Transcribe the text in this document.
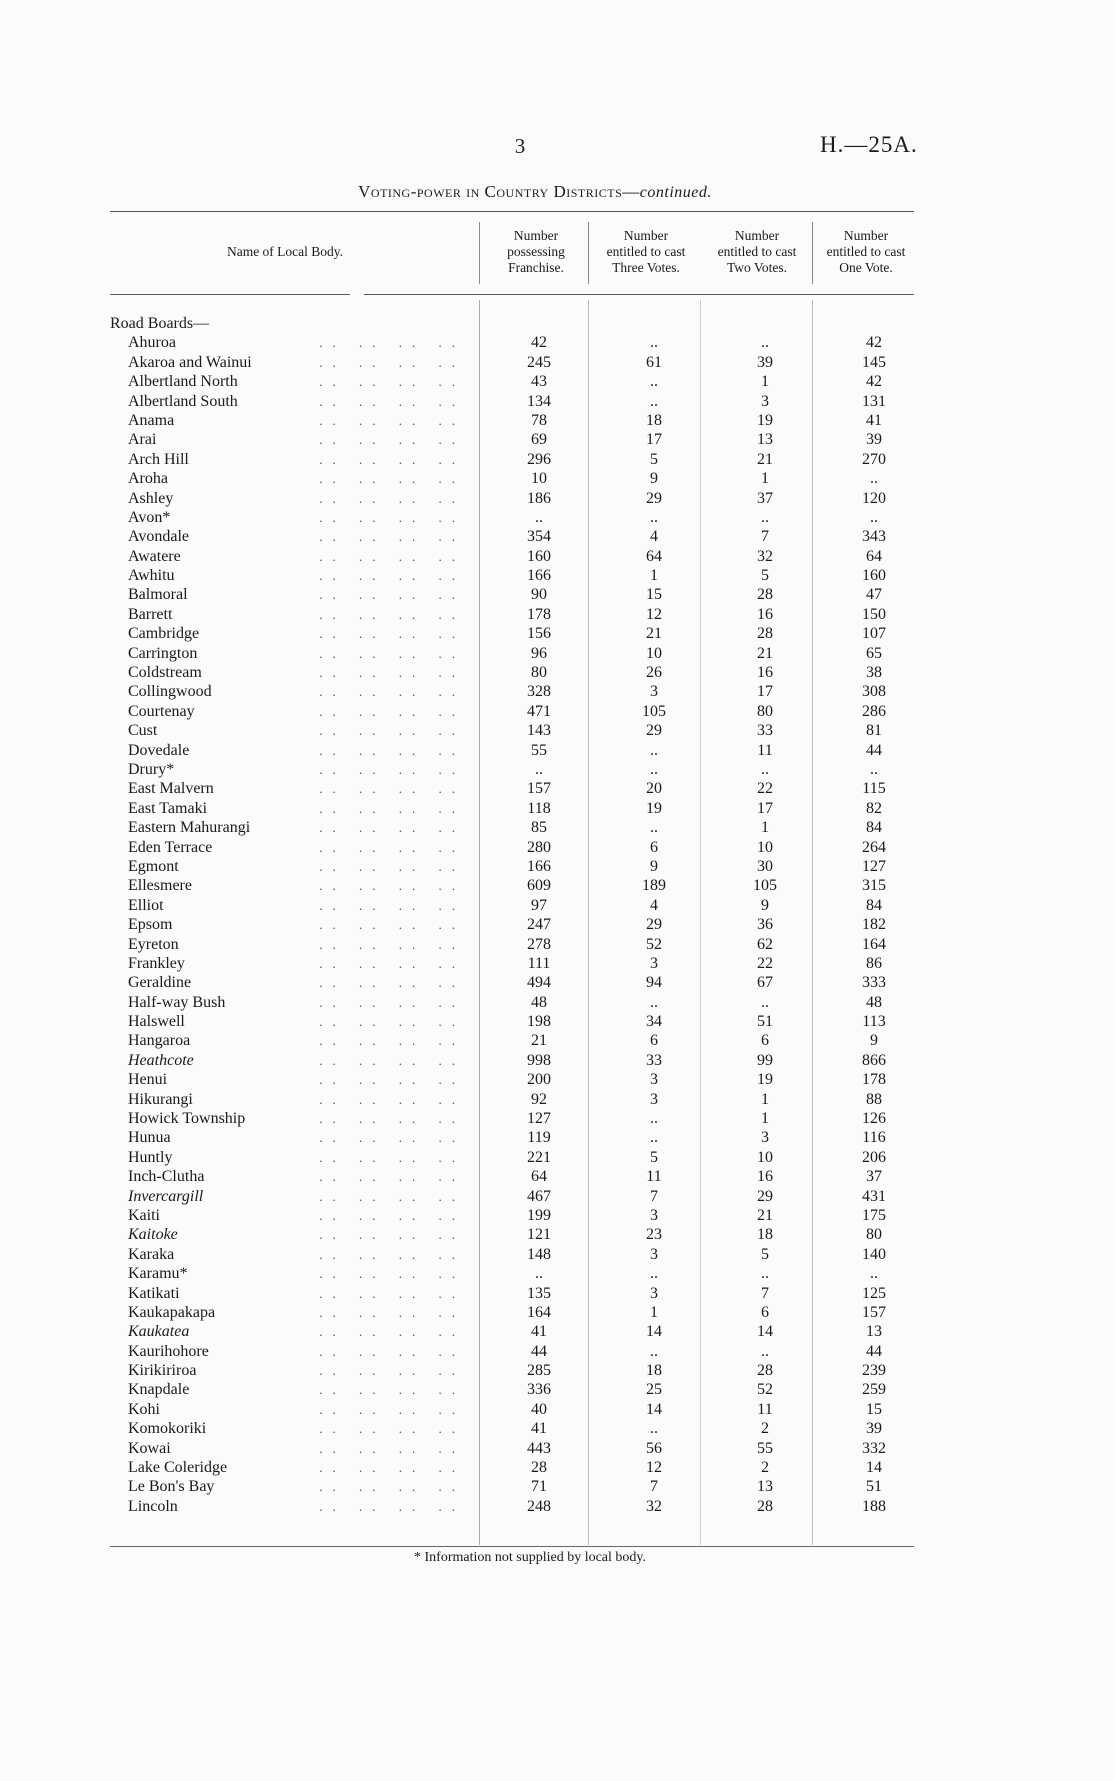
3	H.—25A.
Voting-power in Country Districts—continued.
Name of Local Body.
Number
possessing
Franchise.
Number
entitled to cast
Three Votes.
Number
entitled to cast
Two Votes.
Number
entitled to cast
One Vote.
Road Boards—
Ahuroa	.. .. .. ..	42	..	..	42
Akaroa and Wainui	.. .. .. ..	245	61	39	145
Albertland North	.. .. .. ..	43	..	1	42
Albertland South	.. .. .. ..	134	..	3	131
Anama	.. .. .. ..	78	18	19	41
Arai	.. .. .. ..	69	17	13	39
Arch Hill	.. .. .. ..	296	5	21	270
Aroha	.. .. .. ..	10	9	1	..
Ashley	.. .. .. ..	186	29	37	120
Avon*	.. .. .. ..	..	..	..	..
Avondale	.. .. .. ..	354	4	7	343
Awatere	.. .. .. ..	160	64	32	64
Awhitu	.. .. .. ..	166	1	5	160
Balmoral	.. .. .. ..	90	15	28	47
Barrett	.. .. .. ..	178	12	16	150
Cambridge	.. .. .. ..	156	21	28	107
Carrington	.. .. .. ..	96	10	21	65
Coldstream	.. .. .. ..	80	26	16	38
Collingwood	.. .. .. ..	328	3	17	308
Courtenay	.. .. .. ..	471	105	80	286
Cust	.. .. .. ..	143	29	33	81
Dovedale	.. .. .. ..	55	..	11	44
Drury*	.. .. .. ..	..	..	..	..
East Malvern	.. .. .. ..	157	20	22	115
East Tamaki	.. .. .. ..	118	19	17	82
Eastern Mahurangi	.. .. .. ..	85	..	1	84
Eden Terrace	.. .. .. ..	280	6	10	264
Egmont	.. .. .. ..	166	9	30	127
Ellesmere	.. .. .. ..	609	189	105	315
Elliot	.. .. .. ..	97	4	9	84
Epsom	.. .. .. ..	247	29	36	182
Eyreton	.. .. .. ..	278	52	62	164
Frankley	.. .. .. ..	111	3	22	86
Geraldine	.. .. .. ..	494	94	67	333
Half-way Bush	.. .. .. ..	48	..	..	48
Halswell	.. .. .. ..	198	34	51	113
Hangaroa	.. .. .. ..	21	6	6	9
Heathcote	.. .. .. ..	998	33	99	866
Henui	.. .. .. ..	200	3	19	178
Hikurangi	.. .. .. ..	92	3	1	88
Howick Township	.. .. .. ..	127	..	1	126
Hunua	.. .. .. ..	119	..	3	116
Huntly	.. .. .. ..	221	5	10	206
Inch-Clutha	.. .. .. ..	64	11	16	37
Invercargill	.. .. .. ..	467	7	29	431
Kaiti	.. .. .. ..	199	3	21	175
Kaitoke	.. .. .. ..	121	23	18	80
Karaka	.. .. .. ..	148	3	5	140
Karamu*	.. .. .. ..	..	..	..	..
Katikati	.. .. .. ..	135	3	7	125
Kaukapakapa	.. .. .. ..	164	1	6	157
Kaukatea	.. .. .. ..	41	14	14	13
Kaurihohore	.. .. .. ..	44	..	..	44
Kirikiriroa	.. .. .. ..	285	18	28	239
Knapdale	.. .. .. ..	336	25	52	259
Kohi	.. .. .. ..	40	14	11	15
Komokoriki	.. .. .. ..	41	..	2	39
Kowai	.. .. .. ..	443	56	55	332
Lake Coleridge	.. .. .. ..	28	12	2	14
Le Bon's Bay	.. .. .. ..	71	7	13	51
Lincoln	.. .. .. ..	248	32	28	188
* Information not supplied by local body.
